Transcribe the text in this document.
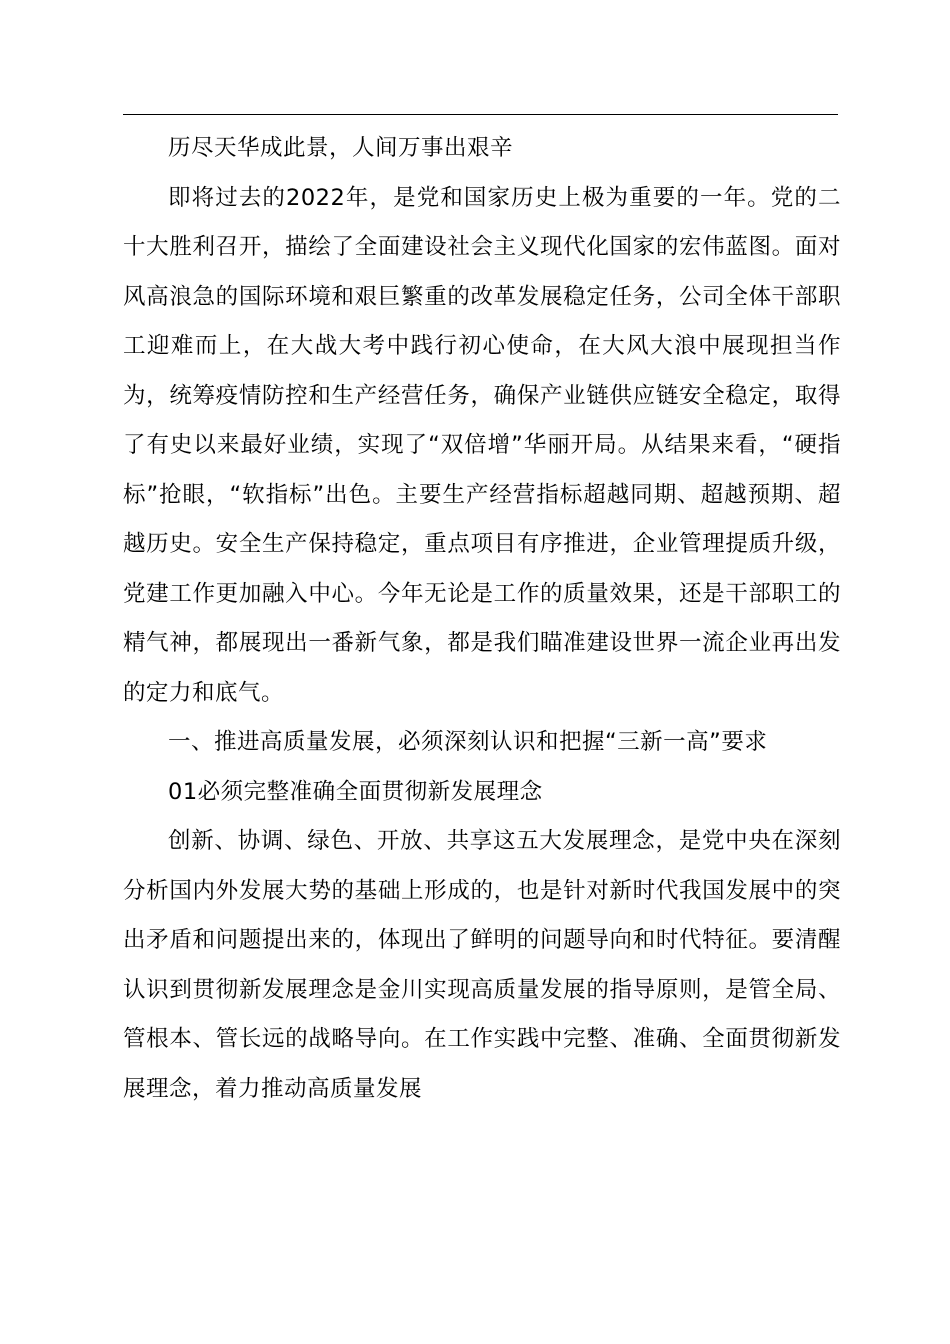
历尽天华成此景，人间万事出艰辛

即将过去的2022年，是党和国家历史上极为重要的一年。党的二十大胜利召开，描绘了全面建设社会主义现代化国家的宏伟蓝图。面对风高浪急的国际环境和艰巨繁重的改革发展稳定任务，公司全体干部职工迎难而上，在大战大考中践行初心使命，在大风大浪中展现担当作为，统筹疫情防控和生产经营任务，确保产业链供应链安全稳定，取得了有史以来最好业绩，实现了“双倍增”华丽开局。从结果来看，“硬指标”抢眼，“软指标”出色。主要生产经营指标超越同期、超越预期、超越历史。安全生产保持稳定，重点项目有序推进，企业管理提质升级，党建工作更加融入中心。今年无论是工作的质量效果，还是干部职工的精气神，都展现出一番新气象，都是我们瞄准建设世界一流企业再出发的定力和底气。

一、推进高质量发展，必须深刻认识和把握“三新一高”要求

01必须完整准确全面贯彻新发展理念

创新、协调、绿色、开放、共享这五大发展理念，是党中央在深刻分析国内外发展大势的基础上形成的，也是针对新时代我国发展中的突出矛盾和问题提出来的，体现出了鲜明的问题导向和时代特征。要清醒认识到贯彻新发展理念是金川实现高质量发展的指导原则，是管全局、管根本、管长远的战略导向。在工作实践中完整、准确、全面贯彻新发展理念，着力推动高质量发展
